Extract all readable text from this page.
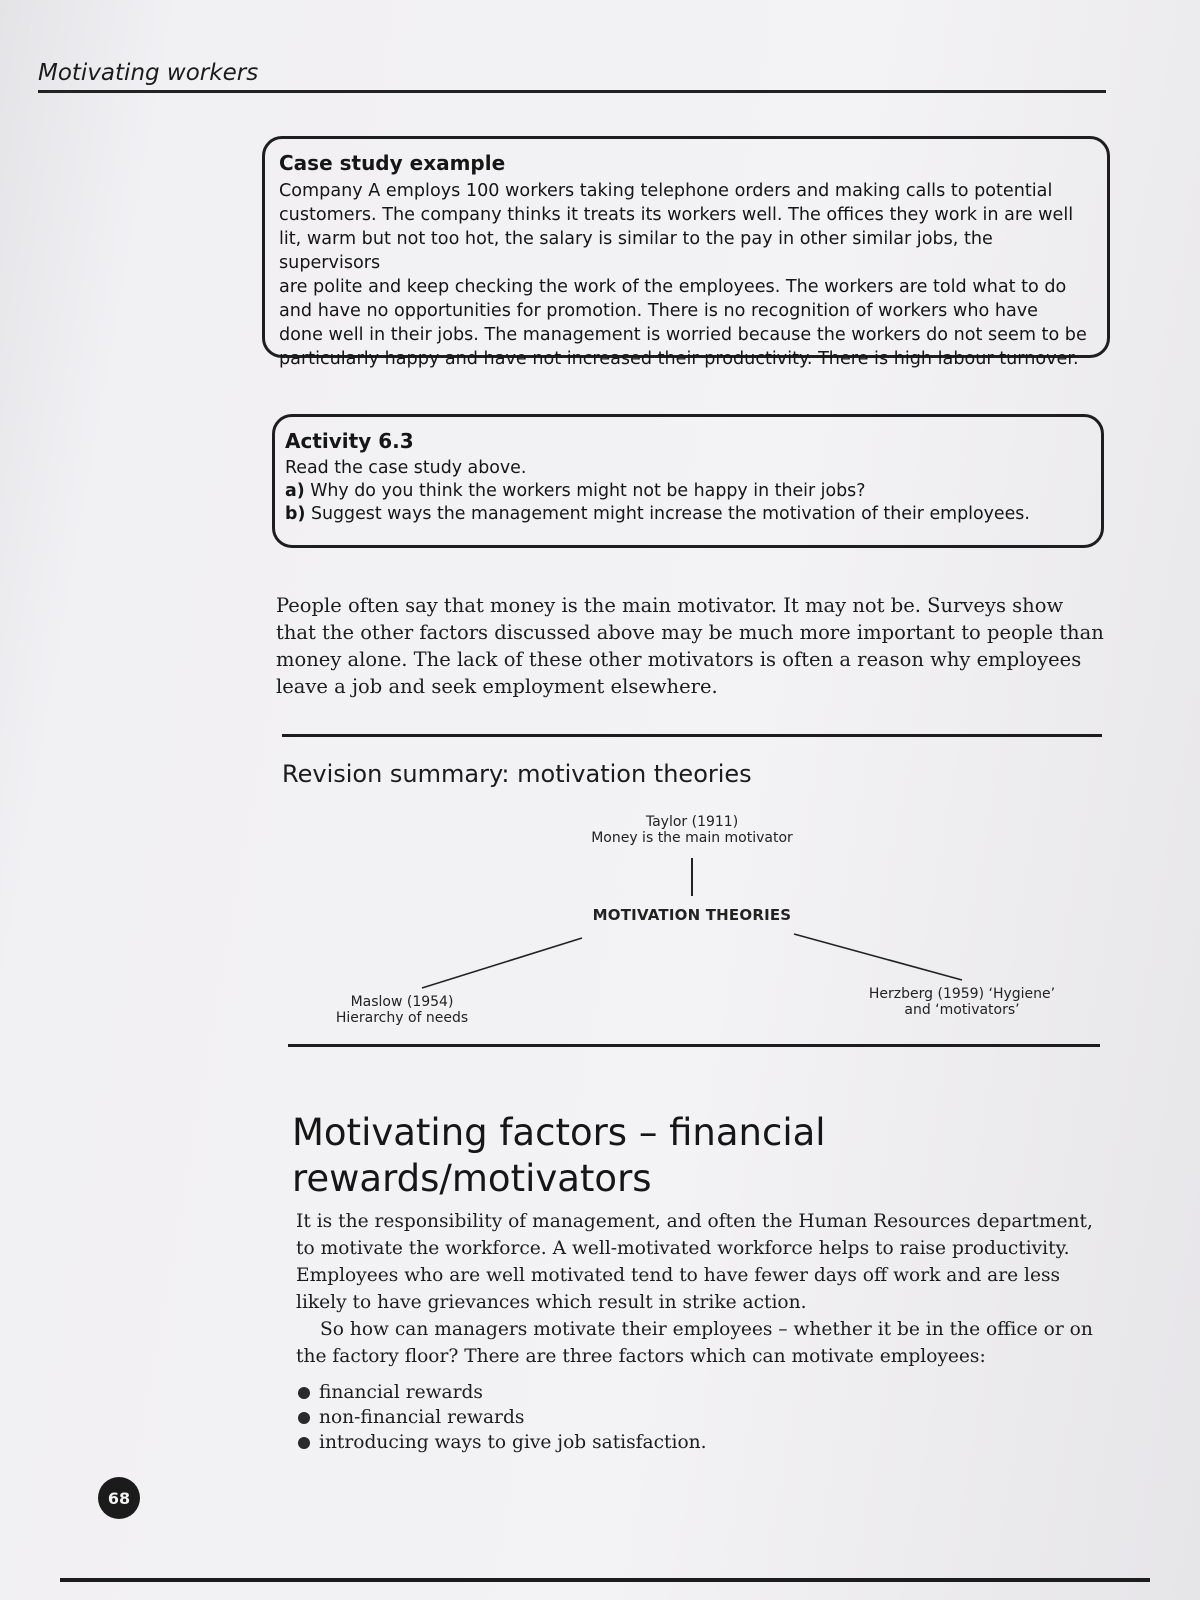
Motivating workers
Case study example
Company A employs 100 workers taking telephone orders and making calls to potential
customers. The company thinks it treats its workers well. The offices they work in are well
lit, warm but not too hot, the salary is similar to the pay in other similar jobs, the supervisors
are polite and keep checking the work of the employees. The workers are told what to do
and have no opportunities for promotion. There is no recognition of workers who have
done well in their jobs. The management is worried because the workers do not seem to be
particularly happy and have not increased their productivity. There is high labour turnover.
Activity 6.3
Read the case study above.
a) Why do you think the workers might not be happy in their jobs?
b) Suggest ways the management might increase the motivation of their employees.
People often say that money is the main motivator. It may not be. Surveys show
that the other factors discussed above may be much more important to people than
money alone. The lack of these other motivators is often a reason why employees
leave a job and seek employment elsewhere.
Revision summary: motivation theories
Taylor (1911)
Money is the main motivator
MOTIVATION THEORIES
Maslow (1954)
Hierarchy of needs
Herzberg (1959) ‘Hygiene’
and ‘motivators’
Motivating factors – financial
rewards/motivators
It is the responsibility of management, and often the Human Resources department,
to motivate the workforce. A well-motivated workforce helps to raise productivity.
Employees who are well motivated tend to have fewer days off work and are less
likely to have grievances which result in strike action.
So how can managers motivate their employees – whether it be in the office or on
the factory floor? There are three factors which can motivate employees:
financial rewards
non-financial rewards
introducing ways to give job satisfaction.
68
